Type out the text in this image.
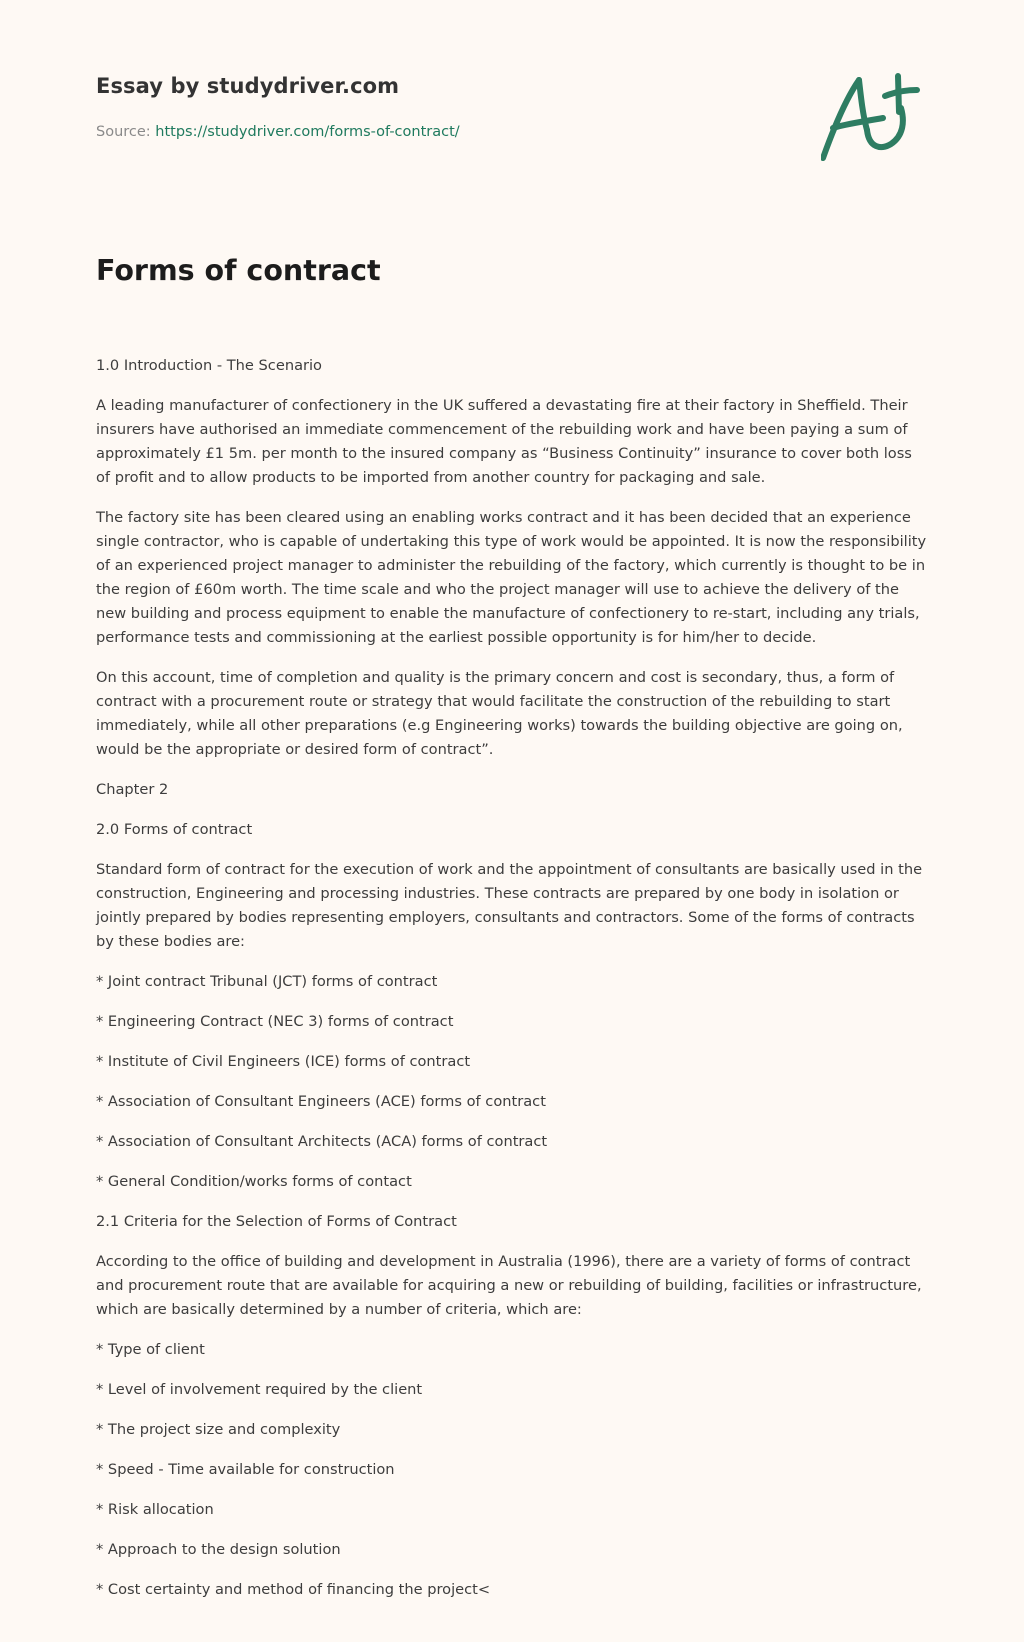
Essay by studydriver.com
Source: https://studydriver.com/forms-of-contract/
Forms of contract

1.0 Introduction - The Scenario

A leading manufacturer of confectionery in the UK suffered a devastating fire at their factory in Sheffield. Their insurers have authorised an immediate commencement of the rebuilding work and have been paying a sum of approximately £1 5m. per month to the insured company as “Business Continuity” insurance to cover both loss of profit and to allow products to be imported from another country for packaging and sale.

The factory site has been cleared using an enabling works contract and it has been decided that an experience single contractor, who is capable of undertaking this type of work would be appointed. It is now the responsibility of an experienced project manager to administer the rebuilding of the factory, which currently is thought to be in the region of £60m worth. The time scale and who the project manager will use to achieve the delivery of the new building and process equipment to enable the manufacture of confectionery to re-start, including any trials, performance tests and commissioning at the earliest possible opportunity is for him/her to decide.

On this account, time of completion and quality is the primary concern and cost is secondary, thus, a form of contract with a procurement route or strategy that would facilitate the construction of the rebuilding to start immediately, while all other preparations (e.g Engineering works) towards the building objective are going on, would be the appropriate or desired form of contract”.

Chapter 2

2.0 Forms of contract

Standard form of contract for the execution of work and the appointment of consultants are basically used in the construction, Engineering and processing industries. These contracts are prepared by one body in isolation or jointly prepared by bodies representing employers, consultants and contractors. Some of the forms of contracts by these bodies are:

* Joint contract Tribunal (JCT) forms of contract

* Engineering Contract (NEC 3) forms of contract

* Institute of Civil Engineers (ICE) forms of contract

* Association of Consultant Engineers (ACE) forms of contract

* Association of Consultant Architects (ACA) forms of contract

* General Condition/works forms of contact

2.1 Criteria for the Selection of Forms of Contract

According to the office of building and development in Australia (1996), there are a variety of forms of contract and procurement route that are available for acquiring a new or rebuilding of building, facilities or infrastructure, which are basically determined by a number of criteria, which are:

* Type of client

* Level of involvement required by the client

* The project size and complexity

* Speed - Time available for construction

* Risk allocation

* Approach to the design solution

* Cost certainty and method of financing the project<
